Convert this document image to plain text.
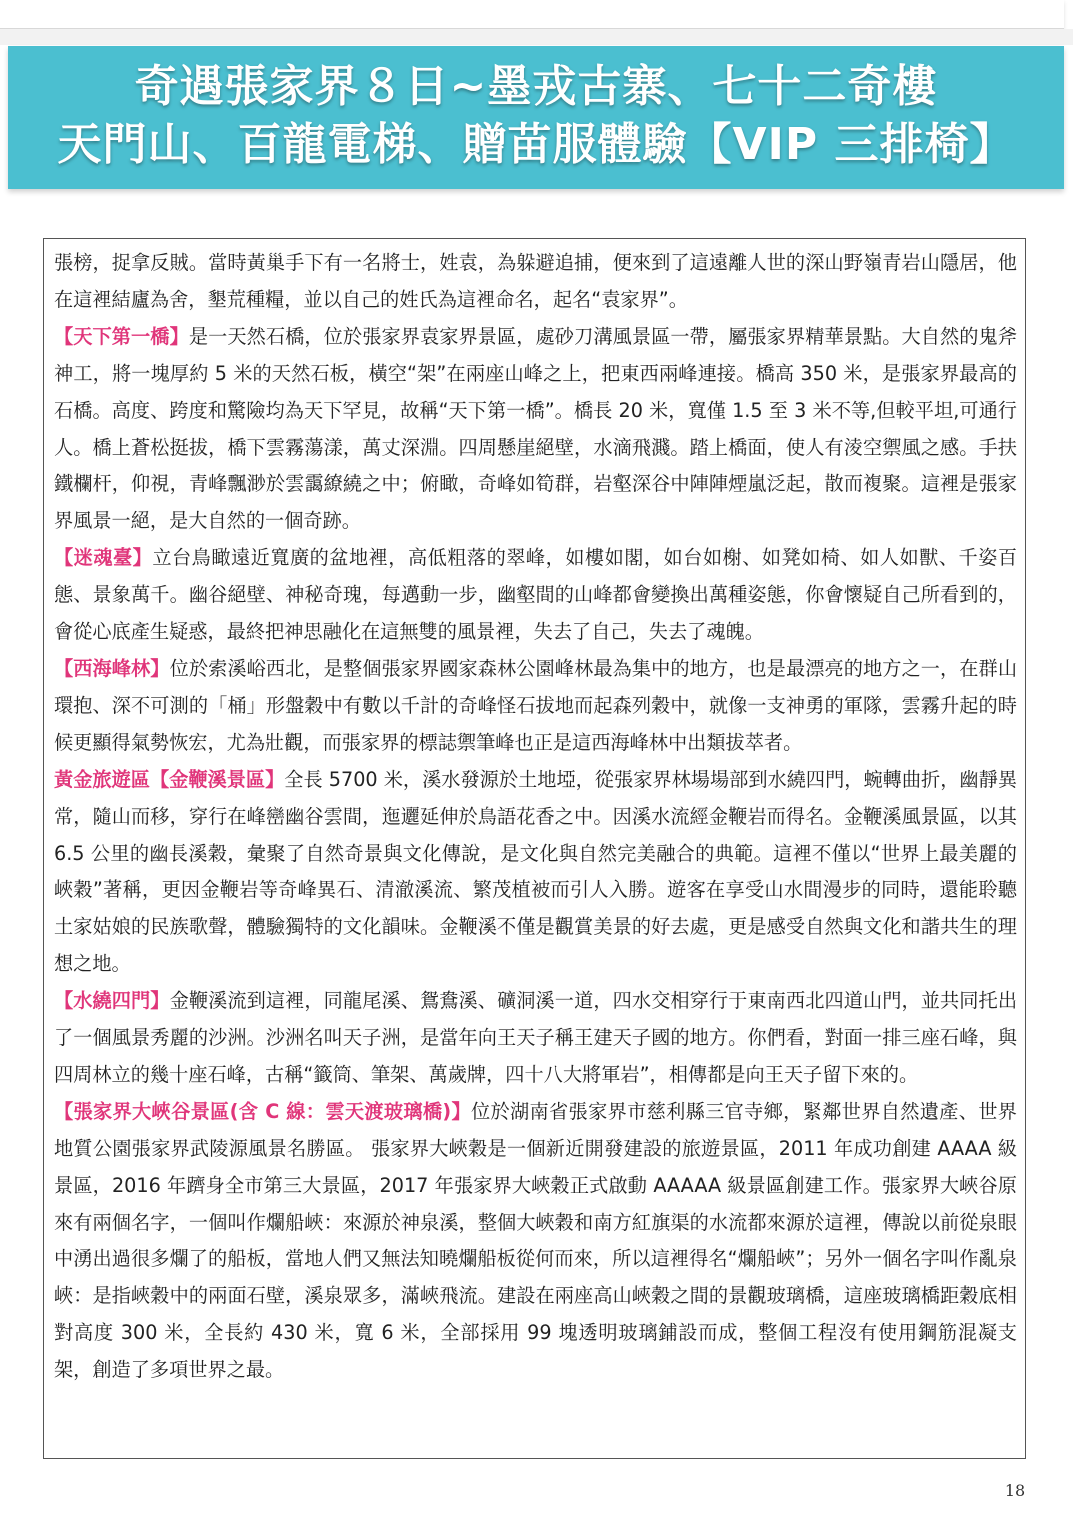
奇遇張家界８日~墨戎古寨、七十二奇樓
天門山、百龍電梯、贈苗服體驗【VIP 三排椅】

張榜，捉拿反賊。當時黃巢手下有一名將士，姓袁，為躲避追捕，便來到了這遠離人世的深山野嶺青岩山隱居，他在這裡結廬為舍，墾荒種糧，並以自己的姓氏為這裡命名，起名“袁家界”。

【天下第一橋】是一天然石橋，位於張家界袁家界景區，處砂刀溝風景區一帶，屬張家界精華景點。大自然的鬼斧神工，將一塊厚約 5 米的天然石板，橫空“架”在兩座山峰之上，把東西兩峰連接。橋高 350 米，是張家界最高的石橋。高度、跨度和驚險均為天下罕見，故稱“天下第一橋”。橋長 20 米，寬僅 1.5 至 3 米不等,但較平坦,可通行人。橋上蒼松挺拔，橋下雲霧蕩漾，萬丈深淵。四周懸崖絕壁，水滴飛濺。踏上橋面，使人有淩空禦風之感。手扶鐵欄杆，仰視，青峰飄渺於雲靄繚繞之中；俯瞰，奇峰如筍群，岩壑深谷中陣陣煙嵐泛起，散而複聚。這裡是張家界風景一絕，是大自然的一個奇跡。

【迷魂臺】立台鳥瞰遠近寬廣的盆地裡，高低粗落的翠峰，如樓如閣，如台如榭、如凳如椅、如人如獸、千姿百態、景象萬千。幽谷絕壁、神秘奇瑰，每邁動一步，幽壑間的山峰都會變換出萬種姿態，你會懷疑自己所看到的，會從心底產生疑惑，最終把神思融化在這無雙的風景裡，失去了自己，失去了魂魄。

【西海峰林】位於索溪峪西北，是整個張家界國家森林公園峰林最為集中的地方，也是最漂亮的地方之一，在群山環抱、深不可測的「桶」形盤穀中有數以千計的奇峰怪石拔地而起森列穀中，就像一支神勇的軍隊，雲霧升起的時候更顯得氣勢恢宏，尤為壯觀，而張家界的標誌禦筆峰也正是這西海峰林中出類拔萃者。

黃金旅遊區【金鞭溪景區】全長 5700 米，溪水發源於土地埡，從張家界林場場部到水繞四門，蜿轉曲折，幽靜異常，隨山而移，穿行在峰巒幽谷雲間，迤邐延伸於鳥語花香之中。因溪水流經金鞭岩而得名。金鞭溪風景區，以其 6.5 公里的幽長溪穀，彙聚了自然奇景與文化傳說，是文化與自然完美融合的典範。這裡不僅以“世界上最美麗的峽穀”著稱，更因金鞭岩等奇峰異石、清澈溪流、繁茂植被而引人入勝。遊客在享受山水間漫步的同時，還能聆聽土家姑娘的民族歌聲，體驗獨特的文化韻味。金鞭溪不僅是觀賞美景的好去處，更是感受自然與文化和諧共生的理想之地。

【水繞四門】金鞭溪流到這裡，同龍尾溪、鴛鴦溪、礦洞溪一道，四水交相穿行于東南西北四道山門，並共同托出了一個風景秀麗的沙洲。沙洲名叫天子洲，是當年向王天子稱王建天子國的地方。你們看，對面一排三座石峰，與四周林立的幾十座石峰，古稱“籤筒、筆架、萬歲牌，四十八大將軍岩”，相傳都是向王天子留下來的。

【張家界大峽谷景區(含 C 線：雲天渡玻璃橋)】位於湖南省張家界市慈利縣三官寺鄉，緊鄰世界自然遺產、世界地質公園張家界武陵源風景名勝區。 張家界大峽穀是一個新近開發建設的旅遊景區，2011 年成功創建 AAAA 級景區，2016 年躋身全市第三大景區，2017 年張家界大峽穀正式啟動 AAAAA 級景區創建工作。張家界大峽谷原來有兩個名字，一個叫作爛船峽：來源於神泉溪，整個大峽穀和南方紅旗渠的水流都來源於這裡，傳說以前從泉眼中湧出過很多爛了的船板，當地人們又無法知曉爛船板從何而來，所以這裡得名“爛船峽”；另外一個名字叫作亂泉峽：是指峽穀中的兩面石壁，溪泉眾多，滿峽飛流。建設在兩座高山峽穀之間的景觀玻璃橋，這座玻璃橋距穀底相對高度 300 米，全長約 430 米，寬 6 米，全部採用 99 塊透明玻璃鋪設而成，整個工程沒有使用鋼筋混凝支架，創造了多項世界之最。

18
